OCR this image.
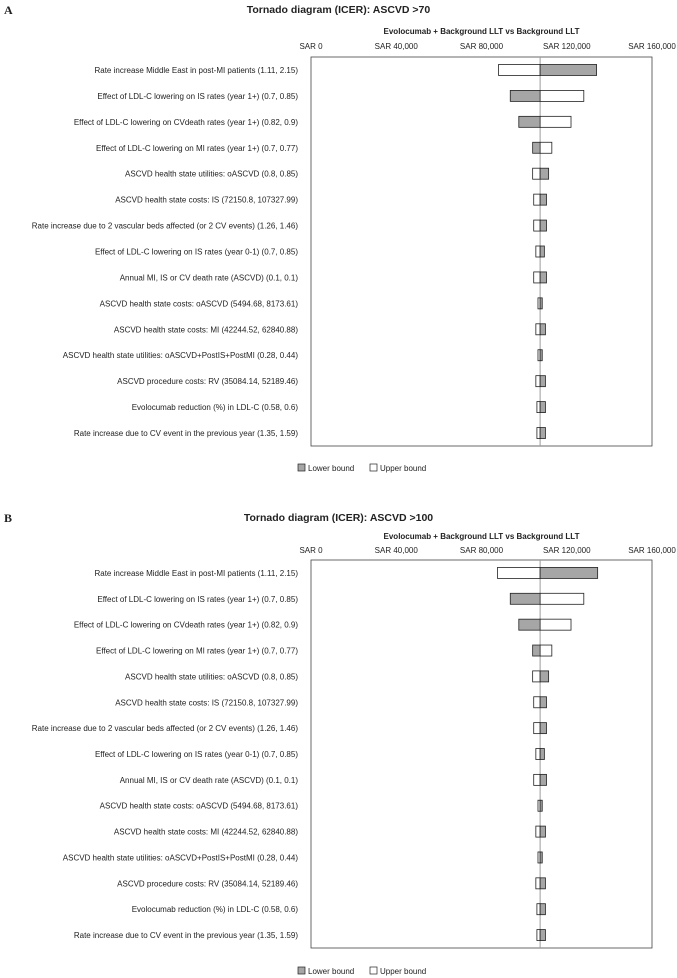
A	Tornado diagram (ICER): ASCVD >70
Evolocumab + Background LLT vs Background LLT
SAR 0	SAR 40,000	SAR 80,000	SAR 120,000	SAR 160,000
Rate increase Middle East in post-MI patients (1.11, 2.15)
Effect of LDL-C lowering on IS rates (year 1+) (0.7, 0.85)
Effect of LDL-C lowering on CVdeath rates (year 1+) (0.82, 0.9)
Effect of LDL-C lowering on MI rates (year 1+) (0.7, 0.77)
ASCVD health state utilities: oASCVD (0.8, 0.85)
ASCVD health state costs: IS (72150.8, 107327.99)
Rate increase due to 2 vascular beds affected (or 2 CV events) (1.26, 1.46)
Effect of LDL-C lowering on IS rates (year 0-1) (0.7, 0.85)
Annual MI, IS or CV death rate (ASCVD) (0.1, 0.1)
ASCVD health state costs: oASCVD (5494.68, 8173.61)
ASCVD health state costs: MI (42244.52, 62840.88)
ASCVD health state utilities: oASCVD+PostIS+PostMI (0.28, 0.44)
ASCVD procedure costs: RV (35084.14, 52189.46)
Evolocumab reduction (%) in LDL-C (0.58, 0.6)
Rate increase due to CV event in the previous year (1.35, 1.59)
Lower bound	Upper bound
B	Tornado diagram (ICER): ASCVD >100
Evolocumab + Background LLT vs Background LLT
SAR 0	SAR 40,000	SAR 80,000	SAR 120,000	SAR 160,000
Rate increase Middle East in post-MI patients (1.11, 2.15)
Effect of LDL-C lowering on IS rates (year 1+) (0.7, 0.85)
Effect of LDL-C lowering on CVdeath rates (year 1+) (0.82, 0.9)
Effect of LDL-C lowering on MI rates (year 1+) (0.7, 0.77)
ASCVD health state utilities: oASCVD (0.8, 0.85)
ASCVD health state costs: IS (72150.8, 107327.99)
Rate increase due to 2 vascular beds affected (or 2 CV events) (1.26, 1.46)
Effect of LDL-C lowering on IS rates (year 0-1) (0.7, 0.85)
Annual MI, IS or CV death rate (ASCVD) (0.1, 0.1)
ASCVD health state costs: oASCVD (5494.68, 8173.61)
ASCVD health state costs: MI (42244.52, 62840.88)
ASCVD health state utilities: oASCVD+PostIS+PostMI (0.28, 0.44)
ASCVD procedure costs: RV (35084.14, 52189.46)
Evolocumab reduction (%) in LDL-C (0.58, 0.6)
Rate increase due to CV event in the previous year (1.35, 1.59)
Lower bound	Upper bound
